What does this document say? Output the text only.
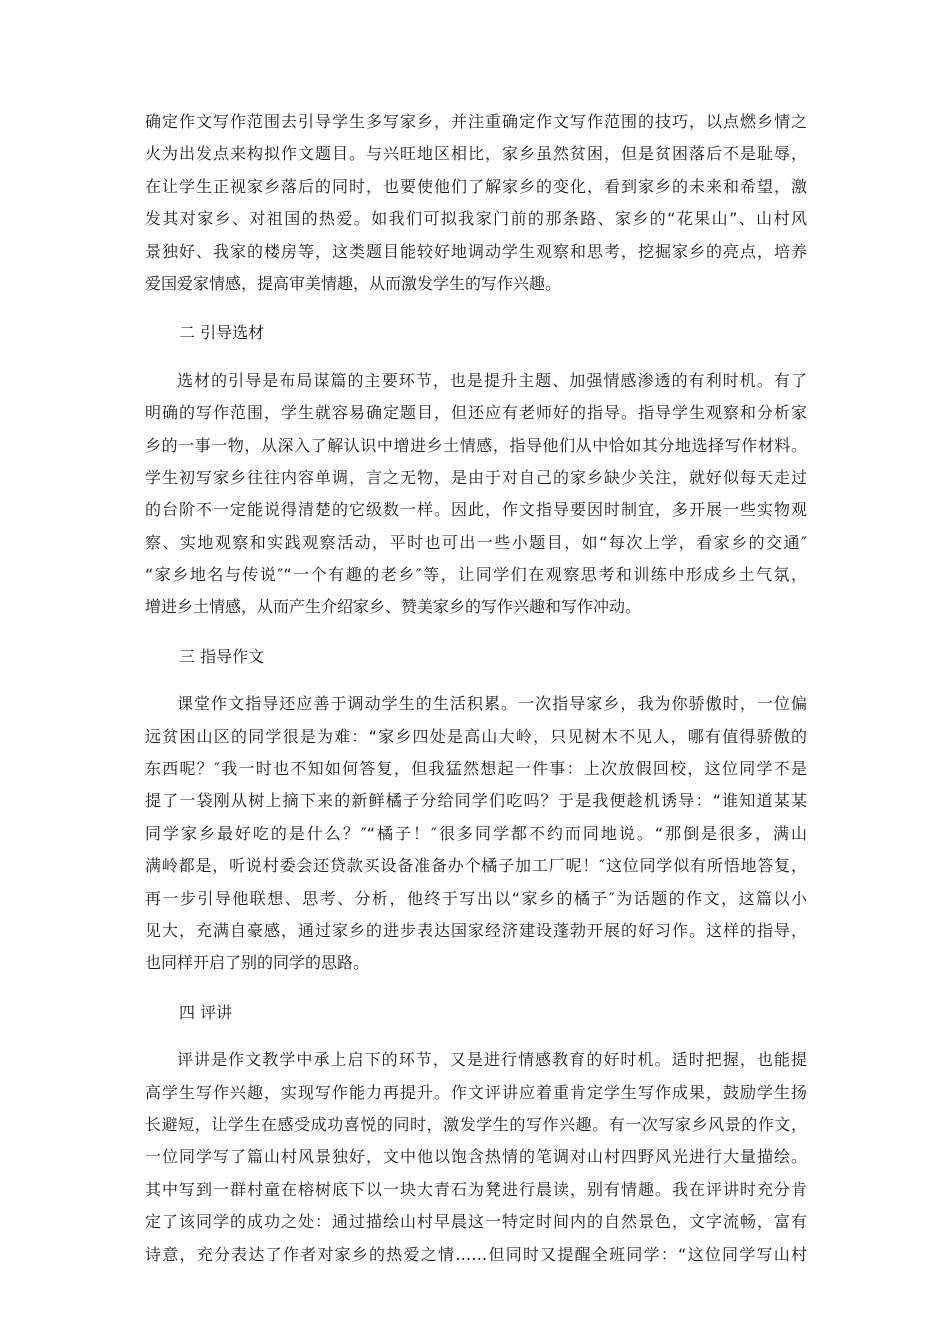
确定作文写作范围去引导学生多写家乡，并注重确定作文写作范围的技巧，以点燃乡情之
火为出发点来构拟作文题目。与兴旺地区相比，家乡虽然贫困，但是贫困落后不是耻辱，
在让学生正视家乡落后的同时，也要使他们了解家乡的变化，看到家乡的未来和希望，激
发其对家乡、对祖国的热爱。如我们可拟我家门前的那条路、家乡的“花果山”、山村风
景独好、我家的楼房等，这类题目能较好地调动学生观察和思考，挖掘家乡的亮点，培养
爱国爱家情感，提高审美情趣，从而激发学生的写作兴趣。
二 引导选材
选材的引导是布局谋篇的主要环节，也是提升主题、加强情感渗透的有利时机。有了
明确的写作范围，学生就容易确定题目，但还应有老师好的指导。指导学生观察和分析家
乡的一事一物，从深入了解认识中增进乡土情感，指导他们从中恰如其分地选择写作材料。
学生初写家乡往往内容单调，言之无物，是由于对自己的家乡缺少关注，就好似每天走过
的台阶不一定能说得清楚的它级数一样。因此，作文指导要因时制宜，多开展一些实物观
察、实地观察和实践观察活动，平时也可出一些小题目，如“每次上学，看家乡的交通″
“家乡地名与传说″“一个有趣的老乡″等，让同学们在观察思考和训练中形成乡土气氛，
增进乡土情感，从而产生介绍家乡、赞美家乡的写作兴趣和写作冲动。
三 指导作文
课堂作文指导还应善于调动学生的生活积累。一次指导家乡，我为你骄傲时，一位偏
远贫困山区的同学很是为难：“家乡四处是高山大岭，只见树木不见人，哪有值得骄傲的
东西呢？″我一时也不知如何答复，但我猛然想起一件事：上次放假回校，这位同学不是
提了一袋刚从树上摘下来的新鲜橘子分给同学们吃吗？于是我便趁机诱导：“谁知道某某
同学家乡最好吃的是什么？″“橘子！″很多同学都不约而同地说。“那倒是很多，满山
满岭都是，听说村委会还贷款买设备准备办个橘子加工厂呢！″这位同学似有所悟地答复，
再一步引导他联想、思考、分析，他终于写出以“家乡的橘子″为话题的作文，这篇以小
见大，充满自豪感，通过家乡的进步表达国家经济建设蓬勃开展的好习作。这样的指导，
也同样开启了别的同学的思路。
四 评讲
评讲是作文教学中承上启下的环节，又是进行情感教育的好时机。适时把握，也能提
高学生写作兴趣，实现写作能力再提升。作文评讲应着重肯定学生写作成果，鼓励学生扬
长避短，让学生在感受成功喜悦的同时，激发学生的写作兴趣。有一次写家乡风景的作文，
一位同学写了篇山村风景独好，文中他以饱含热情的笔调对山村四野风光进行大量描绘。
其中写到一群村童在榕树底下以一块大青石为凳进行晨读，别有情趣。我在评讲时充分肯
定了该同学的成功之处：通过描绘山村早晨这一特定时间内的自然景色，文字流畅，富有
诗意，充分表达了作者对家乡的热爱之情……但同时又提醒全班同学：“这位同学写山村
